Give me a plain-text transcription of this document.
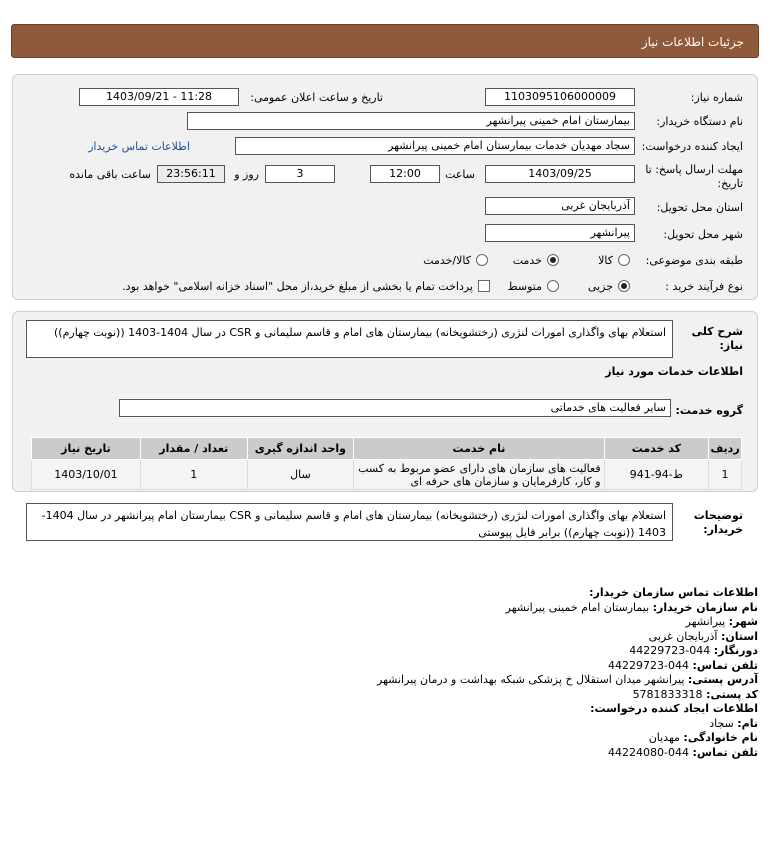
جزئیات اطلاعات نیاز
شماره نیاز:
1103095106000009
تاریخ و ساعت اعلان عمومی:
1403/09/21 - 11:28
نام دستگاه خریدار:
بیمارستان امام خمینی پیرانشهر
ایجاد کننده درخواست:
سجاد مهدیان خدمات بیمارستان امام خمینی پیرانشهر
اطلاعات تماس خریدار
مهلت ارسال پاسخ: تا
تاریخ:
1403/09/25
ساعت
12:00
3
روز و
23:56:11
ساعت باقی مانده
استان محل تحویل:
آذربایجان غربی
شهر محل تحویل:
پیرانشهر
طبقه بندی موضوعی:
کالا
خدمت
کالا/خدمت
نوع فرآیند خرید :
جزیی
متوسط
پرداخت تمام یا بخشی از مبلغ خرید،از محل "اسناد خزانه اسلامی" خواهد بود.
شرح کلی
نیاز:
استعلام بهای واگذاری امورات لنژری (رختشویخانه) بیمارستان های امام و قاسم سلیمانی و CSR در سال 1404-1403 ((نوبت چهارم))
اطلاعات خدمات مورد نیاز
گروه خدمت:
سایر فعالیت های خدماتی
ردیف	کد خدمت	نام خدمت	واحد اندازه گیری	تعداد / مقدار	تاریخ نیاز
1	ط-94-941	فعالیت های سازمان های دارای عضو مربوط به کسب و کار، کارفرمایان و سازمان های حرفه ای	سال	1	1403/10/01
توضیحات
خریدار:
استعلام بهای واگذاری امورات لنژری (رختشویخانه) بیمارستان های امام و قاسم سلیمانی و CSR بیمارستان امام پیرانشهر در سال 1404-1403 ((نوبت چهارم)) برابر فایل پیوستی
اطلاعات تماس سازمان خریدار:
نام سازمان خریدار: بیمارستان امام خمینی پیرانشهر
شهر: پیرانشهر
استان: آذربایجان غربی
دورنگار: 044-44229723
تلفن تماس: 044-44229723
آدرس پستی: پیرانشهر میدان استقلال خ پزشکی شبکه بهداشت و درمان پیرانشهر
کد پستی: 5781833318
اطلاعات ایجاد کننده درخواست:
نام: سجاد
نام خانوادگی: مهدیان
تلفن تماس: 044-44224080
